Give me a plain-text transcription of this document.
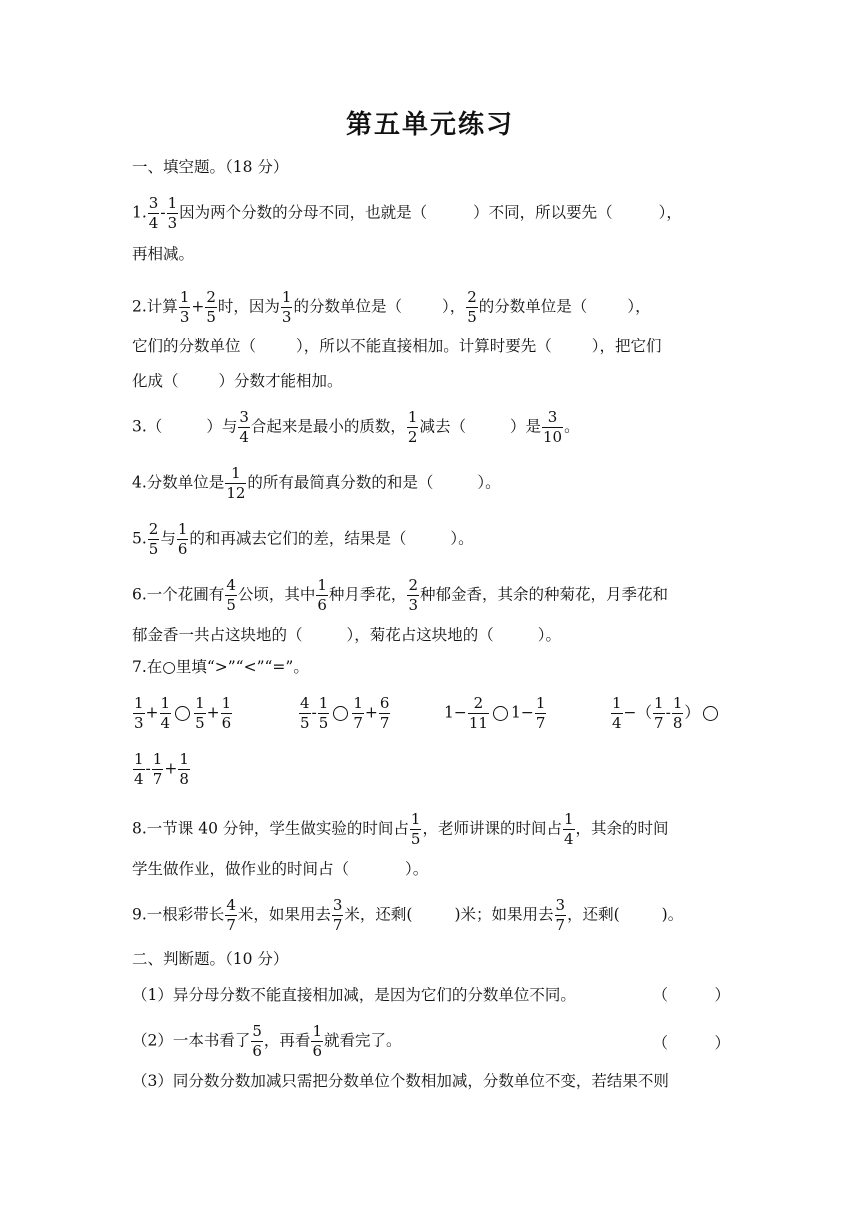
第五单元练习
一、填空题。（18 分）
1. $\frac{3}{4} - \frac{1}{3}$ 因为两个分数的分母不同，也就是（	）不同，所以要先（	），
再相减。
2.计算 $\frac{1}{3} + \frac{2}{5}$ 时，因为 $\frac{1}{3}$ 的分数单位是（	）， $\frac{2}{5}$ 的分数单位是（	），
它们的分数单位（	），所以不能直接相加。计算时要先（	），把它们
化成（	）分数才能相加。
3.（	）与 $\frac{3}{4}$ 合起来是最小的质数， $\frac{1}{2}$ 减去（	）是 $\frac{3}{10}$ 。
4.分数单位是 $\frac{1}{12}$ 的所有最简真分数的和是（	）。
5. $\frac{2}{5}$ 与 $\frac{1}{6}$ 的和再减去它们的差，结果是（	）。
6.一个花圃有 $\frac{4}{5}$ 公顷，其中 $\frac{1}{6}$ 种月季花， $\frac{2}{3}$ 种郁金香，其余的种菊花，月季花和
郁金香一共占这块地的（	），菊花占这块地的（	）。
7.在○里填“>”“<”“=”。
$\frac{1}{3} + \frac{1}{4} \frac{1}{5} + \frac{1}{6}$	$\frac{4}{5} - \frac{1}{5} \frac{1}{7} + \frac{6}{7}$	$1- \frac{2}{11} 1- \frac{1}{7}$	$\frac{1}{4}$ −（ $\frac{1}{7} - \frac{1}{8}$ ）
$\frac{1}{4} - \frac{1}{7} + \frac{1}{8}$
8.一节课 40 分钟，学生做实验的时间占 $\frac{1}{5}$ ，老师讲课的时间占 $\frac{1}{4}$ ，其余的时间
学生做作业，做作业的时间占（	）。
9.一根彩带长 $\frac{4}{7}$ 米，如果用去 $\frac{3}{7}$ 米，还剩(	)米；如果用去 $\frac{3}{7}$ ，还剩(	)。
二、判断题。（10 分）
（1）异分母分数不能直接相加减，是因为它们的分数单位不同。	（　　　）
（2）一本书看了 $\frac{5}{6}$ ，再看 $\frac{1}{6}$ 就看完了。	（　　　）
（3）同分数分数加减只需把分数单位个数相加减，分数单位不变，若结果不则
